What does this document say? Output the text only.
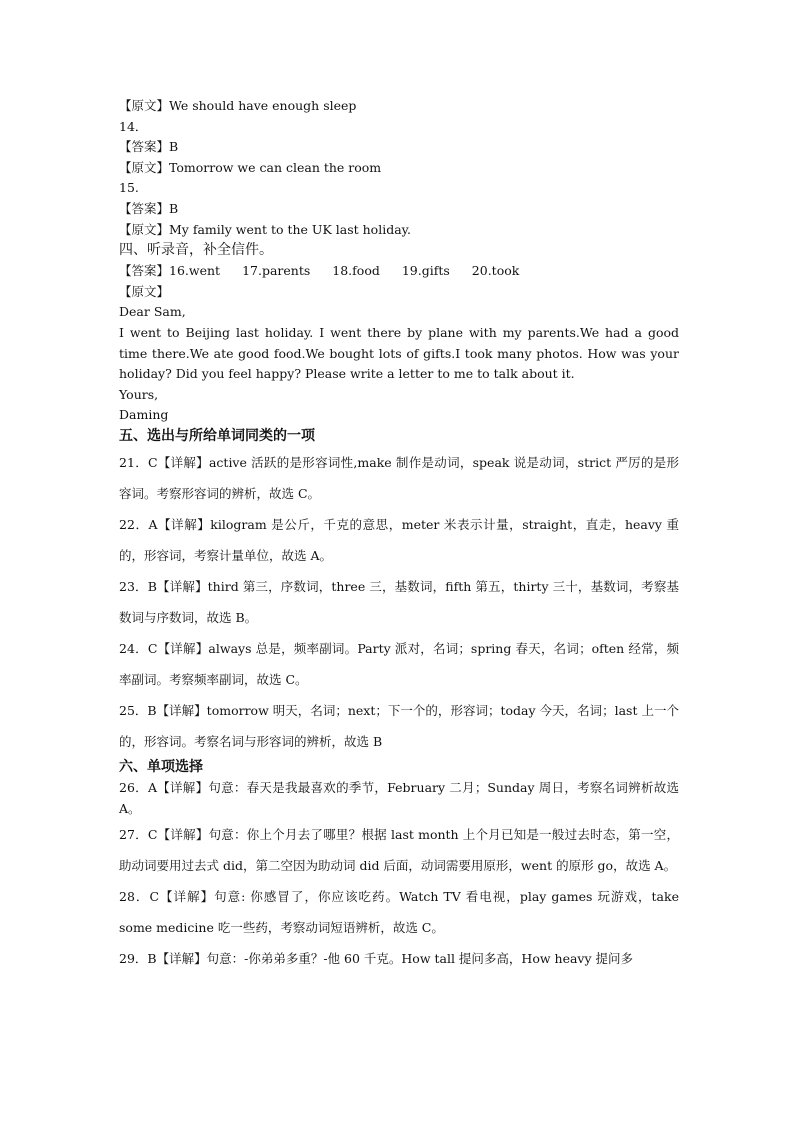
【原文】We should have enough sleep
14．
【答案】B
【原文】Tomorrow we can clean the room
15.
【答案】B
【原文】My family went to the UK last holiday.
四、听录音，补全信件。
【答案】16.went 17.parents 18.food 19.gifts 20.took
【原文】
Dear Sam,
I went to Beijing last holiday. I went there by plane with my parents.We had a good time there.We ate good food.We bought lots of gifts.I took many photos. How was your holiday? Did you feel happy? Please write a letter to me to talk about it.
Yours,
Daming
五、选出与所给单词同类的一项
21．C【详解】active 活跃的是形容词性,make 制作是动词，speak 说是动词，strict 严厉的是形容词。考察形容词的辨析，故选 C。
22．A【详解】kilogram 是公斤，千克的意思，meter 米表示计量，straight，直走，heavy 重的，形容词，考察计量单位，故选 A。
23．B【详解】third 第三，序数词，three 三，基数词，fifth 第五，thirty 三十，基数词，考察基数词与序数词，故选 B。
24．C【详解】always 总是，频率副词。Party 派对，名词；spring 春天，名词；often 经常，频率副词。考察频率副词，故选 C。
25．B【详解】tomorrow 明天，名词；next；下一个的，形容词；today 今天，名词；last 上一个的，形容词。考察名词与形容词的辨析，故选 B
六、单项选择
26．A【详解】句意：春天是我最喜欢的季节，February 二月；Sunday 周日，考察名词辨析故选 A。
27．C【详解】句意：你上个月去了哪里？根据 last month 上个月已知是一般过去时态，第一空，助动词要用过去式 did，第二空因为助动词 did 后面，动词需要用原形，went 的原形 go，故选 A。
28．C【详解】句意: 你感冒了，你应该吃药。Watch TV 看电视，play games 玩游戏，take some medicine 吃一些药，考察动词短语辨析，故选 C。
29．B【详解】句意：-你弟弟多重？-他 60 千克。How tall 提问多高，How heavy 提问多
